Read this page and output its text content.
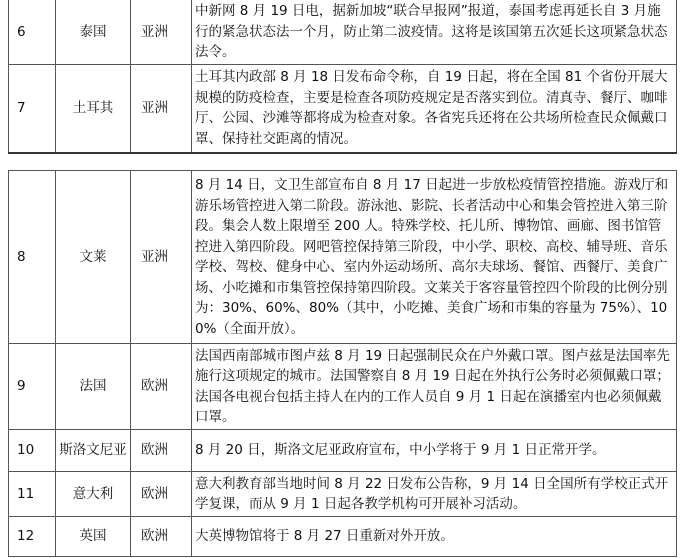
6	泰国	亚洲	中新网 8 月 19 日电，据新加坡“联合早报网”报道，泰国考虑再延长自 3 月施行的紧急状态法一个月，防止第二波疫情。这将是该国第五次延长这项紧急状态法令。
7	土耳其	亚洲	土耳其内政部 8 月 18 日发布命令称，自 19 日起，将在全国 81 个省份开展大规模的防疫检查，主要是检查各项防疫规定是否落实到位。清真寺、餐厅、咖啡厅、公园、沙滩等都将成为检查对象。各省宪兵还将在公共场所检查民众佩戴口罩、保持社交距离的情况。
8	文莱	亚洲	8 月 14 日，文卫生部宣布自 8 月 17 日起进一步放松疫情管控措施。游戏厅和游乐场管控进入第二阶段。游泳池、影院、长者活动中心和集会管控进入第三阶段。集会人数上限增至 200 人。特殊学校、托儿所、博物馆、画廊、图书馆管控进入第四阶段。网吧管控保持第三阶段，中小学、职校、高校、辅导班、音乐学校、驾校、健身中心、室内外运动场所、高尔夫球场、餐馆、西餐厅、美食广场、小吃摊和市集管控保持第四阶段。文莱关于客容量管控四个阶段的比例分别为：30%、60%、80%（其中，小吃摊、美食广场和市集的容量为 75%）、100%（全面开放）。
9	法国	欧洲	法国西南部城市图卢兹 8 月 19 日起强制民众在户外戴口罩。图卢兹是法国率先施行这项规定的城市。法国警察自 8 月 19 日起在外执行公务时必须佩戴口罩；法国各电视台包括主持人在内的工作人员自 9 月 1 日起在演播室内也必须佩戴口罩。
10	斯洛文尼亚	欧洲	8 月 20 日，斯洛文尼亚政府宣布，中小学将于 9 月 1 日正常开学。
11	意大利	欧洲	意大利教育部当地时间 8 月 22 日发布公告称，9 月 14 日全国所有学校正式开学复课，而从 9 月 1 日起各教学机构可开展补习活动。
12	英国	欧洲	大英博物馆将于 8 月 27 日重新对外开放。
